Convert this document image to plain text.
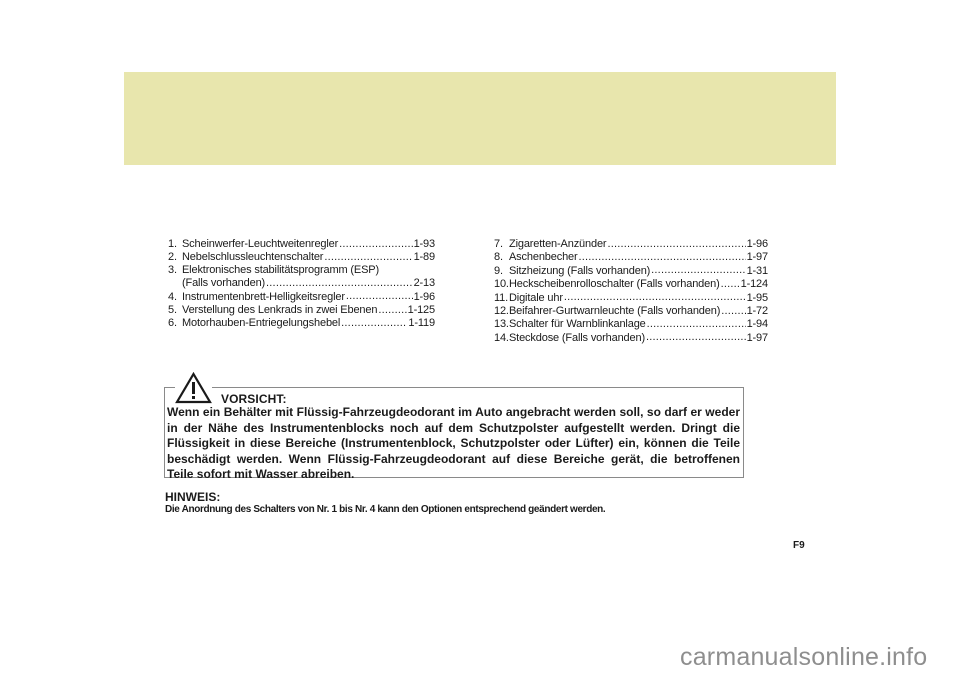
1. Scheinwerfer-Leuchtweitenregler .....	1-93
2. Nebelschlussleuchtenschalter .....	1-89
3. Elektronisches stabilitätsprogramm (ESP)
(Falls vorhanden) .....	2-13
4. Instrumentenbrett-Helligkeitsregler .....	1-96
5. Verstellung des Lenkrads in zwei Ebenen .....	1-125
6. Motorhauben-Entriegelungshebel .....	1-119
7. Zigaretten-Anzünder .....	1-96
8. Aschenbecher .....	1-97
9. Sitzheizung (Falls vorhanden) .....	1-31
10. Heckscheibenrolloschalter (Falls vorhanden) ..... 1-124
11. Digitale uhr .....	1-95
12. Beifahrer-Gurtwarnleuchte (Falls vorhanden) ..... 1-72
13. Schalter für Warnblinkanlage .....	1-94
14. Steckdose (Falls vorhanden) .....	1-97
VORSICHT:
Wenn ein Behälter mit Flüssig-Fahrzeugdeodorant im Auto angebracht werden soll, so darf er weder in der Nähe des Instrumentenblocks noch auf dem Schutzpolster aufgestellt werden. Dringt die Flüssigkeit in diese Bereiche (Instrumentenblock, Schutzpolster oder Lüfter) ein, können die Teile beschädigt werden. Wenn Flüssig-Fahrzeugdeodorant auf diese Bereiche gerät, die betroffenen Teile sofort mit Wasser abreiben.
HINWEIS:
Die Anordnung des Schalters von Nr. 1 bis Nr. 4 kann den Optionen entsprechend geändert werden.
F9
carmanualsonline.info
